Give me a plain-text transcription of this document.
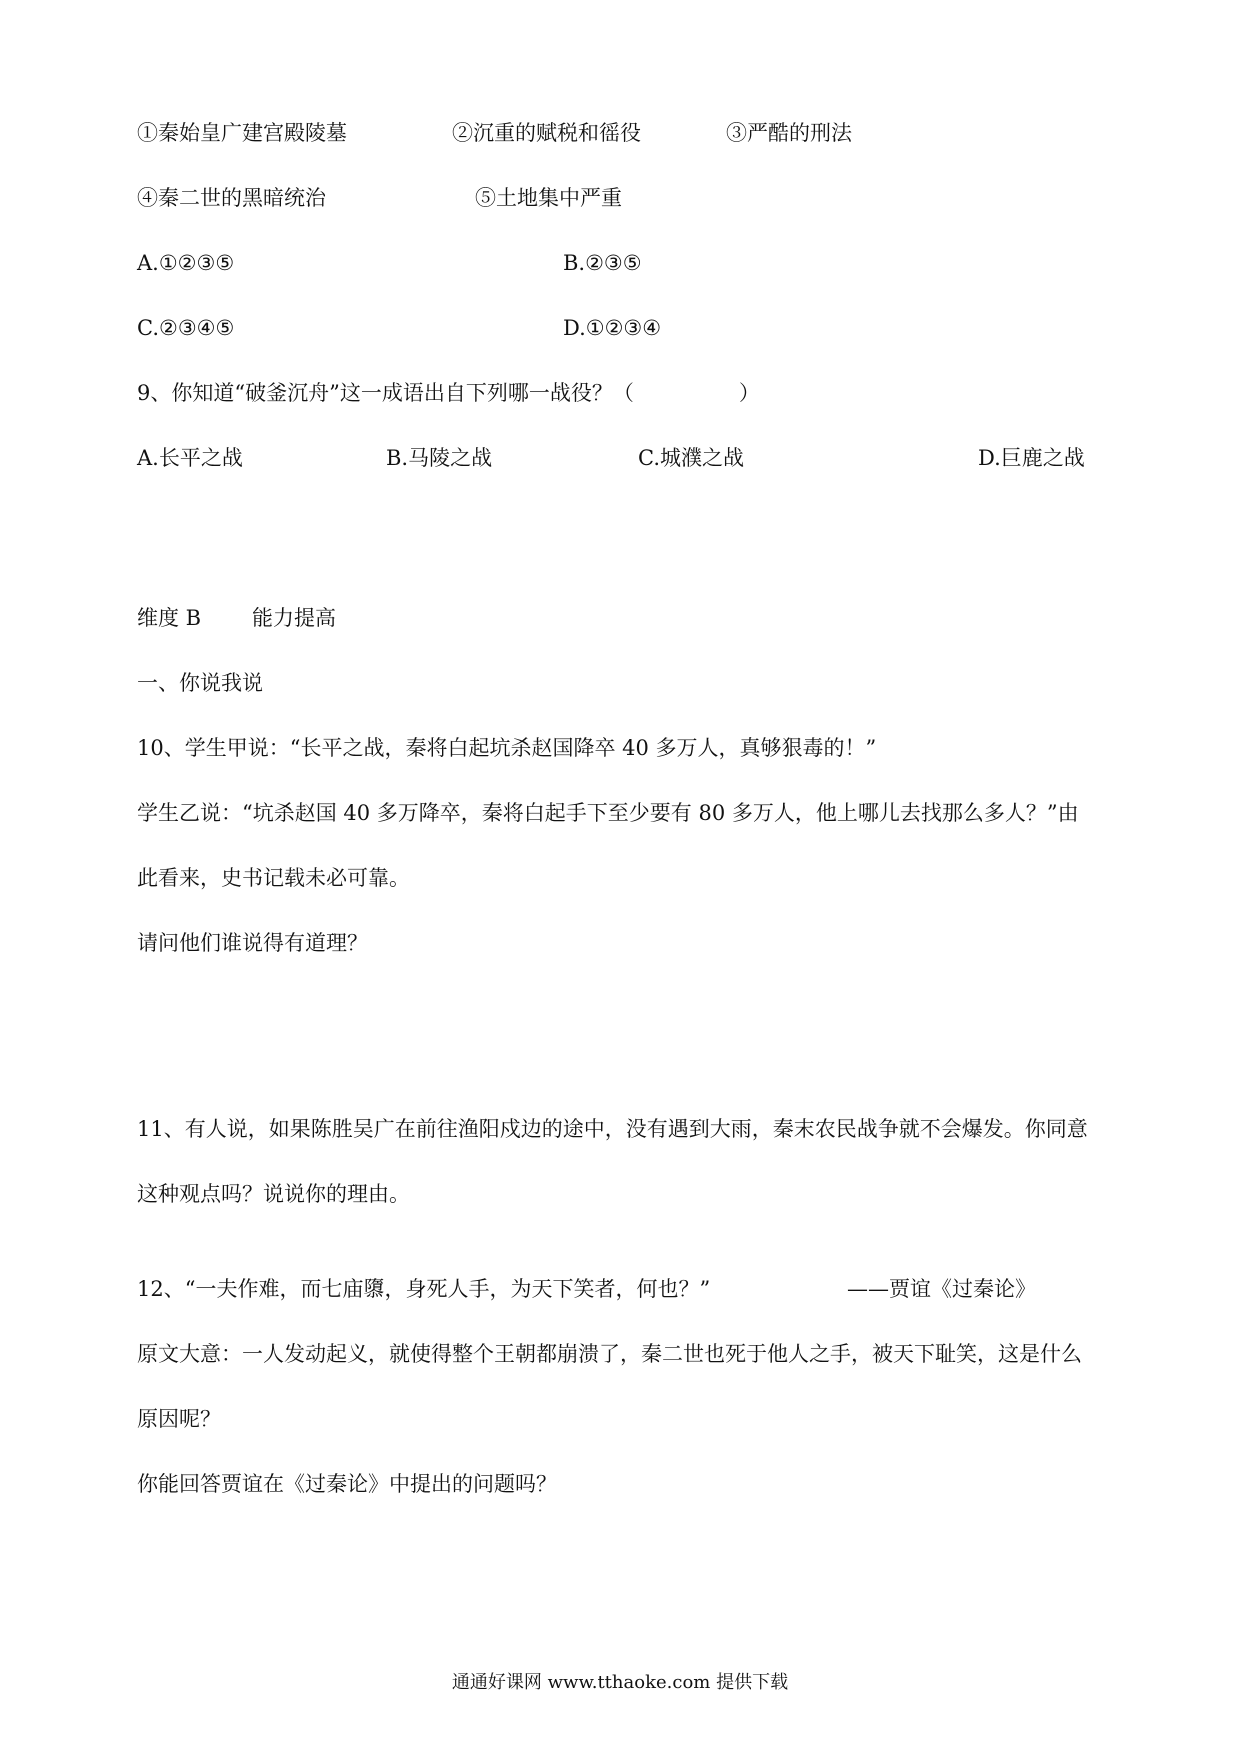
①秦始皇广建宫殿陵墓	②沉重的赋税和徭役	③严酷的刑法
④秦二世的黑暗统治	⑤土地集中严重
A.①②③⑤	B.②③⑤
C.②③④⑤	D.①②③④
9、你知道“破釜沉舟”这一成语出自下列哪一战役？（　　　　　）
A.长平之战	B.马陵之战	C.城濮之战	D.巨鹿之战
维度 B 能力提高
一、你说我说
10、学生甲说：“长平之战，秦将白起坑杀赵国降卒 40 多万人，真够狠毒的！”
学生乙说：“坑杀赵国 40 多万降卒，秦将白起手下至少要有 80 多万人，他上哪儿去找那么多人？”由
此看来，史书记载未必可靠。
请问他们谁说得有道理？
11、有人说，如果陈胜吴广在前往渔阳戍边的途中，没有遇到大雨，秦末农民战争就不会爆发。你同意
这种观点吗？说说你的理由。
12、“一夫作难，而七庙隳，身死人手，为天下笑者，何也？”	——贾谊《过秦论》
原文大意：一人发动起义，就使得整个王朝都崩溃了，秦二世也死于他人之手，被天下耻笑，这是什么
原因呢？
你能回答贾谊在《过秦论》中提出的问题吗？
通通好课网 www.tthaoke.com 提供下载
